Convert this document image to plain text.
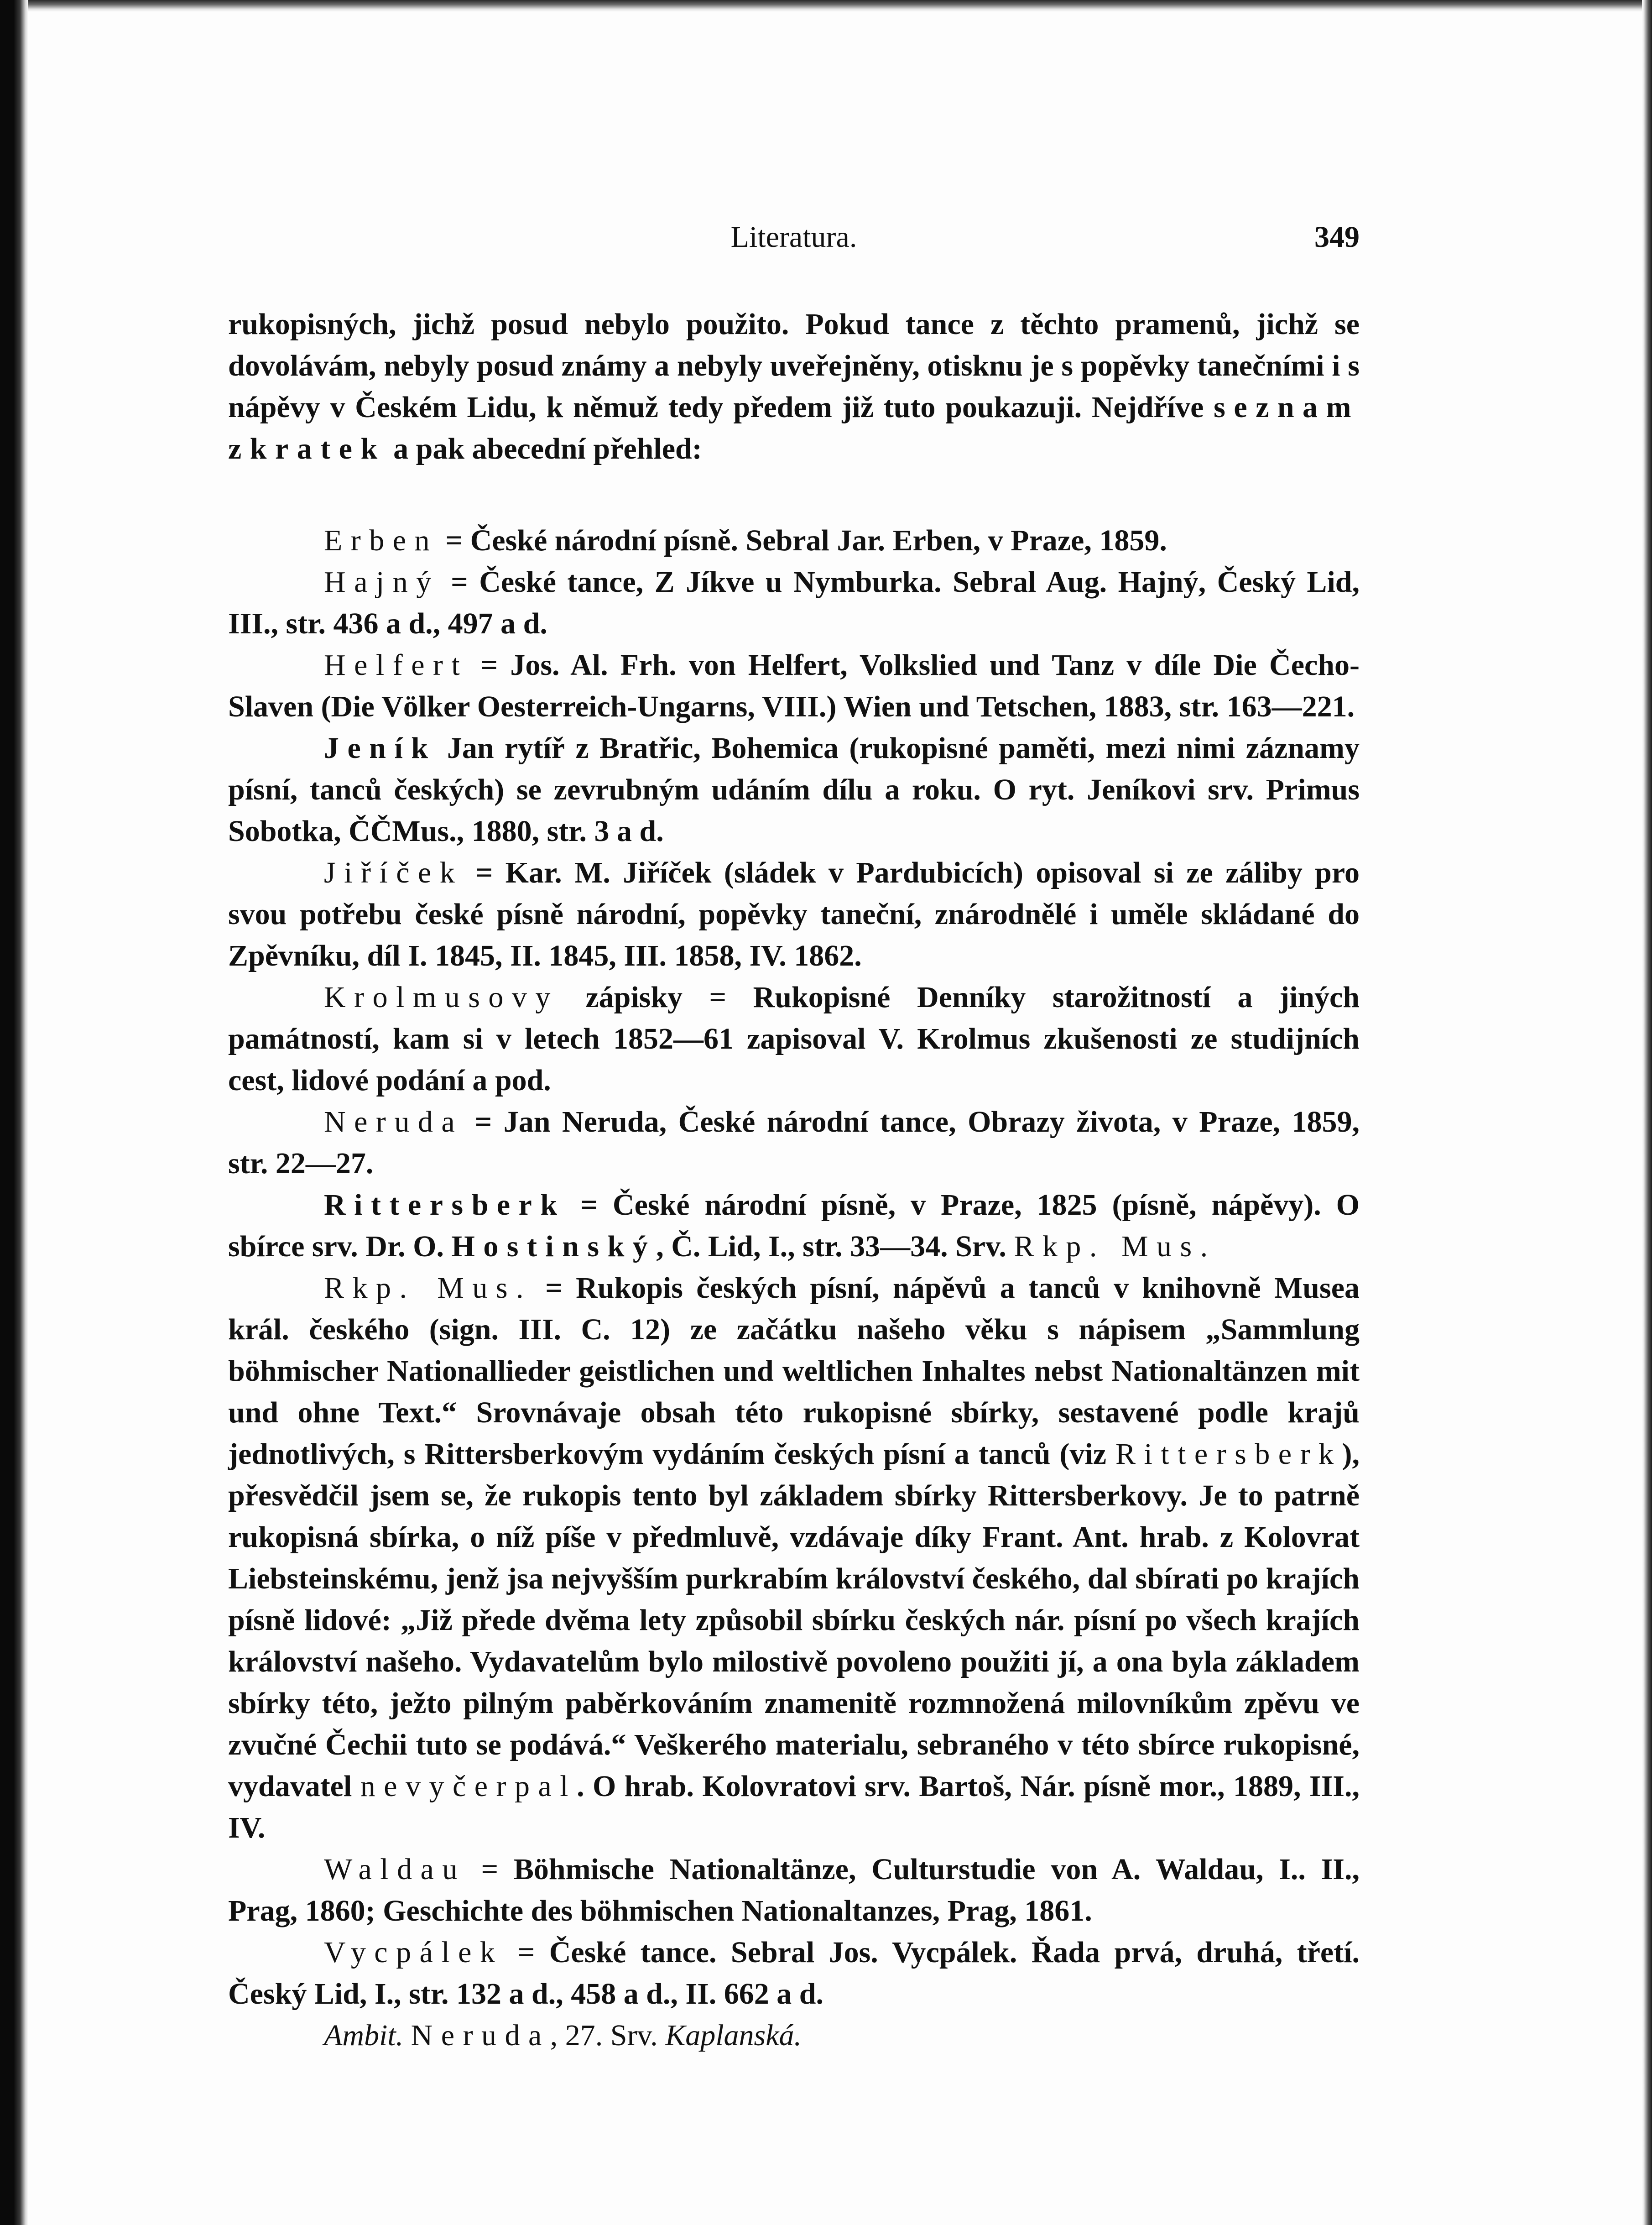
Literatura.	349

rukopisných, jichž posud nebylo použito. Pokud tance z těchto pramenů, jichž se dovolávám, nebyly posud známy a nebyly uveřejněny, otisknu je s popěvky tanečními i s nápěvy v Českém Lidu, k němuž tedy předem již tuto poukazuji. Nejdříve seznam zkratek a pak abecední přehled:

Erben = České národní písně. Sebral Jar. Erben, v Praze, 1859.

Hajný = České tance, Z Jíkve u Nymburka. Sebral Aug. Hajný, Český Lid, III., str. 436 a d., 497 a d.

Helfert = Jos. Al. Frh. von Helfert, Volkslied und Tanz v díle Die Čecho-Slaven (Die Völker Oesterreich-Ungarns, VIII.) Wien und Tetschen, 1883, str. 163—221.

Jeník Jan rytíř z Bratřic, Bohemica (rukopisné paměti, mezi nimi záznamy písní, tanců českých) se zevrubným udáním dílu a roku. O ryt. Jeníkovi srv. Primus Sobotka, ČČMus., 1880, str. 3 a d.

Jiříček = Kar. M. Jiříček (sládek v Pardubicích) opisoval si ze záliby pro svou potřebu české písně národní, popěvky taneční, znárodnělé i uměle skládané do Zpěvníku, díl I. 1845, II. 1845, III. 1858, IV. 1862.

Krolmusovy zápisky = Rukopisné Denníky starožitností a jiných památností, kam si v letech 1852—61 zapisoval V. Krolmus zkušenosti ze studijních cest, lidové podání a pod.

Neruda = Jan Neruda, České národní tance, Obrazy života, v Praze, 1859, str. 22—27.

Rittersberk = České národní písně, v Praze, 1825 (písně, nápěvy). O sbírce srv. Dr. O. Hostinský, Č. Lid, I., str. 33—34. Srv. Rkp. Mus.

Rkp. Mus. = Rukopis českých písní, nápěvů a tanců v knihovně Musea král. českého (sign. III. C. 12) ze začátku našeho věku s nápisem „Sammlung böhmischer Nationallieder geistlichen und weltlichen Inhaltes nebst Nationaltänzen mit und ohne Text.“ Srovnávaje obsah této rukopisné sbírky, sestavené podle krajů jednotlivých, s Rittersberkovým vydáním českých písní a tanců (viz Rittersberk), přesvědčil jsem se, že rukopis tento byl základem sbírky Rittersberkovy. Je to patrně rukopisná sbírka, o níž píše v předmluvě, vzdávaje díky Frant. Ant. hrab. z Kolovrat Liebsteinskému, jenž jsa nejvyšším purkrabím království českého, dal sbírati po krajích písně lidové: „Již přede dvěma lety způsobil sbírku českých nár. písní po všech krajích království našeho. Vydavatelům bylo milostivě povoleno použiti jí, a ona byla základem sbírky této, ježto pilným paběrkováním znamenitě rozmnožená milovníkům zpěvu ve zvučné Čechii tuto se podává.“ Veškerého materialu, sebraného v této sbírce rukopisné, vydavatel nevyčerpal. O hrab. Kolovratovi srv. Bartoš, Nár. písně mor., 1889, III., IV.

Waldau = Böhmische Nationaltänze, Culturstudie von A. Waldau, I.. II., Prag, 1860; Geschichte des böhmischen Nationaltanzes, Prag, 1861.

Vycpálek = České tance. Sebral Jos. Vycpálek. Řada prvá, druhá, třetí. Český Lid, I., str. 132 a d., 458 a d., II. 662 a d.

Ambit. Neruda, 27. Srv. Kaplanská.
